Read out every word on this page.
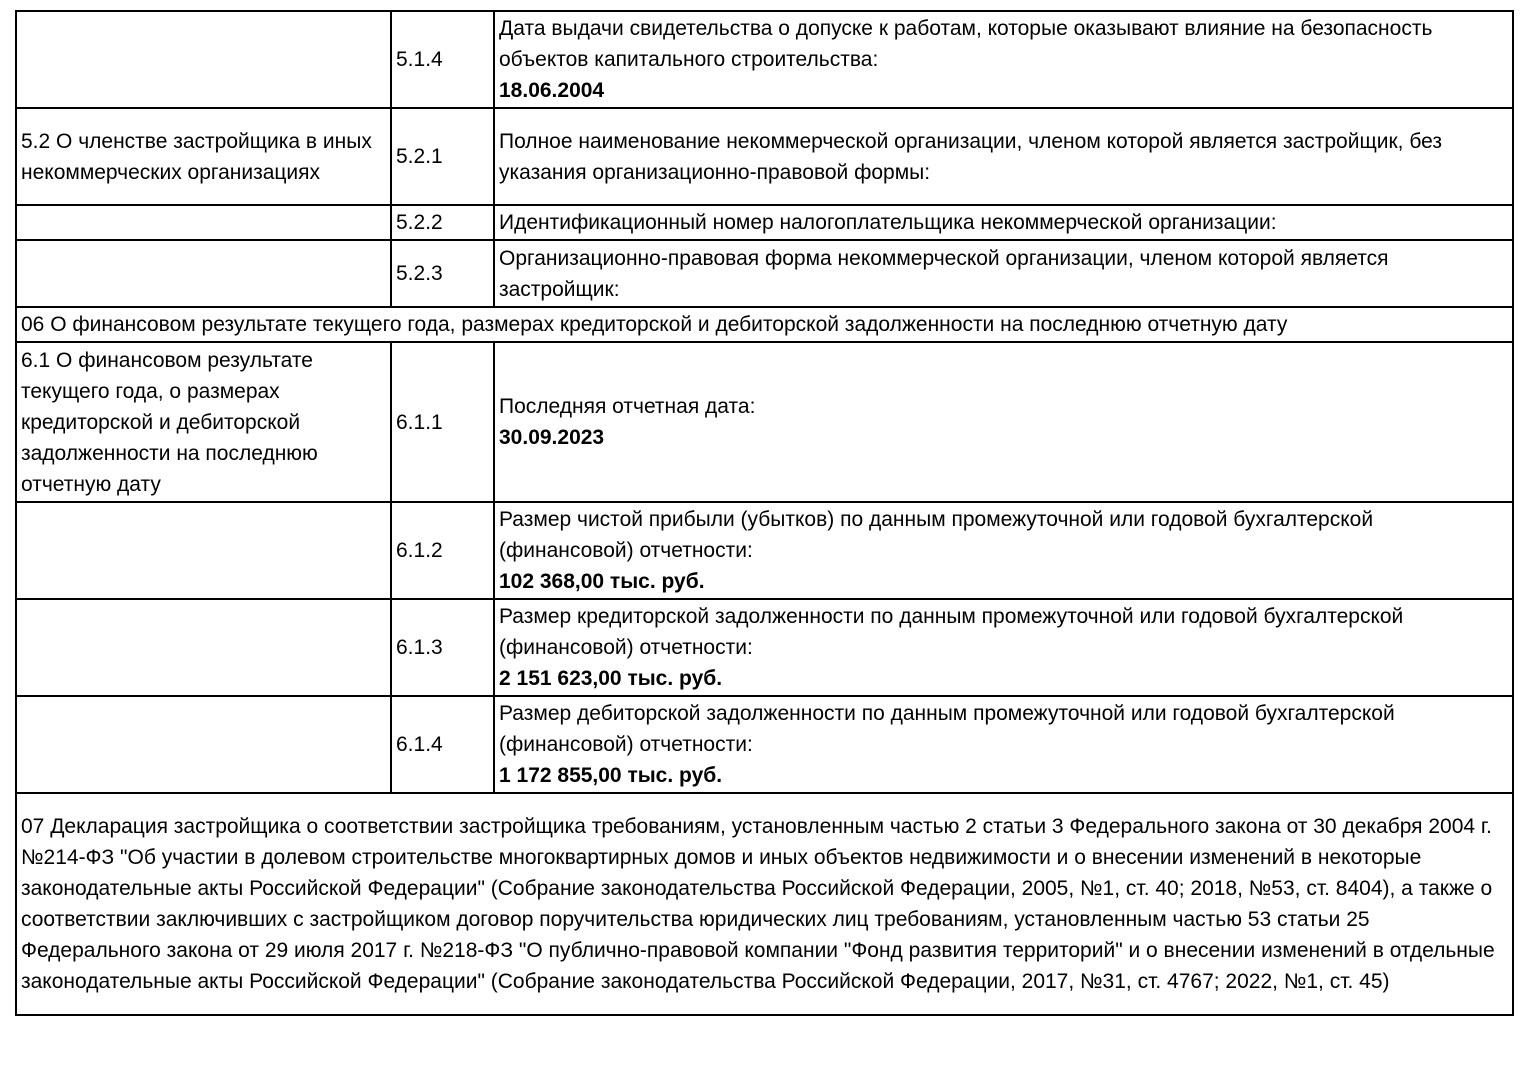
	5.1.4	Дата выдачи свидетельства о допуске к работам, которые оказывают влияние на безопасность объектов капитального строительства:
18.06.2004

5.2 О членстве застройщика в иных некоммерческих организациях	5.2.1	Полное наименование некоммерческой организации, членом которой является застройщик, без указания организационно-правовой формы:

	5.2.2	Идентификационный номер налогоплательщика некоммерческой организации:

	5.2.3	Организационно-правовая форма некоммерческой организации, членом которой является застройщик:

06 О финансовом результате текущего года, размерах кредиторской и дебиторской задолженности на последнюю отчетную дату		
6.1 О финансовом результате текущего года, о размерах кредиторской и дебиторской задолженности на последнюю отчетную дату	6.1.1	Последняя отчетная дата:
30.09.2023

	6.1.2	Размер чистой прибыли (убытков) по данным промежуточной или годовой бухгалтерской (финансовой) отчетности:
102 368,00 тыс. руб.

	6.1.3	Размер кредиторской задолженности по данным промежуточной или годовой бухгалтерской (финансовой) отчетности:
2 151 623,00 тыс. руб.

	6.1.4	Размер дебиторской задолженности по данным промежуточной или годовой бухгалтерской (финансовой) отчетности:
1 172 855,00 тыс. руб.

07 Декларация застройщика о соответствии застройщика требованиям, установленным частью 2 статьи 3 Федерального закона от 30 декабря 2004 г. №214-ФЗ "Об участии в долевом строительстве многоквартирных домов и иных объектов недвижимости и о внесении изменений в некоторые законодательные акты Российской Федерации" (Собрание законодательства Российской Федерации, 2005, №1, ст. 40; 2018, №53, ст. 8404), а также о соответствии заключивших с застройщиком договор поручительства юридических лиц требованиям, установленным частью 53 статьи 25 Федерального закона от 29 июля 2017 г. №218-ФЗ "О публично-правовой компании "Фонд развития территорий" и о внесении изменений в отдельные законодательные акты Российской Федерации" (Собрание законодательства Российской Федерации, 2017, №31, ст. 4767; 2022, №1, ст. 45)		
